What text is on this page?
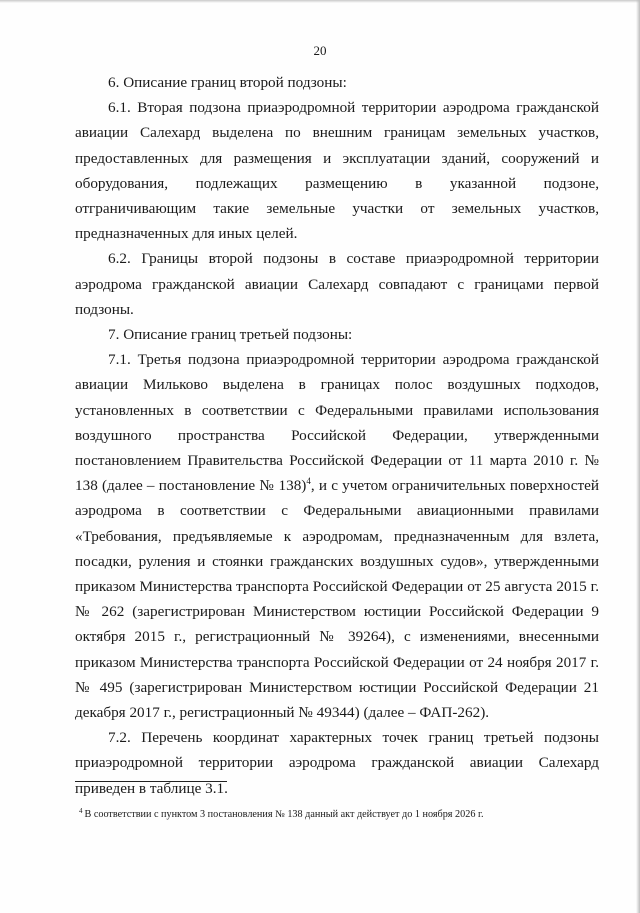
20

6. Описание границ второй подзоны:

6.1. Вторая подзона приаэродромной территории аэродрома гражданской авиации Салехард выделена по внешним границам земельных участков, предоставленных для размещения и эксплуатации зданий, сооружений и оборудования, подлежащих размещению в указанной подзоне, отграничивающим такие земельные участки от земельных участков, предназначенных для иных целей.

6.2. Границы второй подзоны в составе приаэродромной территории аэродрома гражданской авиации Салехард совпадают с границами первой подзоны.

7. Описание границ третьей подзоны:

7.1. Третья подзона приаэродромной территории аэродрома гражданской авиации Мильково выделена в границах полос воздушных подходов, установленных в соответствии с Федеральными правилами использования воздушного пространства Российской Федерации, утвержденными постановлением Правительства Российской Федерации от 11 марта 2010 г. № 138 (далее – постановление № 138)$^4$, и с учетом ограничительных поверхностей аэродрома в соответствии с Федеральными авиационными правилами «Требования, предъявляемые к аэродромам, предназначенным для взлета, посадки, руления и стоянки гражданских воздушных судов», утвержденными приказом Министерства транспорта Российской Федерации от 25 августа 2015 г. № 262 (зарегистрирован Министерством юстиции Российской Федерации 9 октября 2015 г., регистрационный № 39264), с изменениями, внесенными приказом Министерства транспорта Российской Федерации от 24 ноября 2017 г. № 495 (зарегистрирован Министерством юстиции Российской Федерации 21 декабря 2017 г., регистрационный № 49344) (далее – ФАП-262).

7.2. Перечень координат характерных точек границ третьей подзоны приаэродромной территории аэродрома гражданской авиации Салехард приведен в таблице 3.1.

$^4$ В соответствии с пунктом 3 постановления № 138 данный акт действует до 1 ноября 2026 г.
